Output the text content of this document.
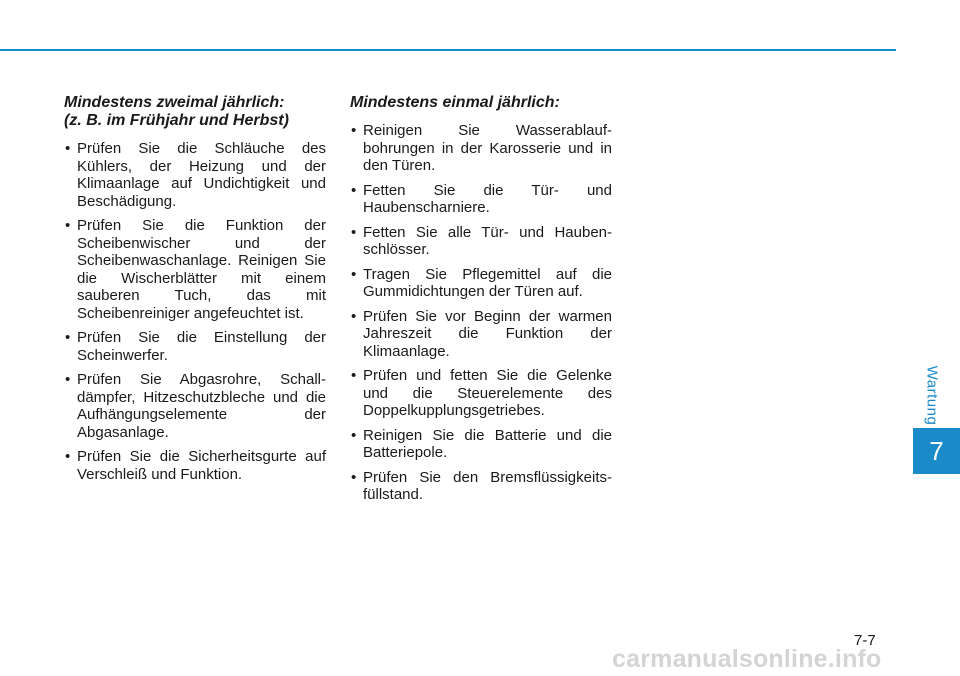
Mindestens zweimal jährlich:
(z. B. im Frühjahr und Herbst)
• Prüfen Sie die Schläuche des Kühlers, der Heizung und der Klimaanlage auf Undichtigkeit und Beschädigung.
• Prüfen Sie die Funktion der Scheibenwischer und der Scheibenwaschanlage. Reinigen Sie die Wischerblätter mit einem sauberen Tuch, das mit Scheibenreiniger angefeuchtet ist.
• Prüfen Sie die Einstellung der Scheinwerfer.
• Prüfen Sie Abgasrohre, Schall-dämpfer, Hitzeschutzbleche und die Aufhängungselemente der Abgasanlage.
• Prüfen Sie die Sicherheitsgurte auf Verschleiß und Funktion.
Mindestens einmal jährlich:
• Reinigen Sie Wasserablauf-bohrungen in der Karosserie und in den Türen.
• Fetten Sie die Tür- und Haubenscharniere.
• Fetten Sie alle Tür- und Hauben-schlösser.
• Tragen Sie Pflegemittel auf die Gummidichtungen der Türen auf.
• Prüfen Sie vor Beginn der warmen Jahreszeit die Funktion der Klimaanlage.
• Prüfen und fetten Sie die Gelenke und die Steuerelemente des Doppelkupplungsgetriebes.
• Reinigen Sie die Batterie und die Batteriepole.
• Prüfen Sie den Bremsflüssigkeits-füllstand.
Wartung
7
7-7
carmanualsonline.info
